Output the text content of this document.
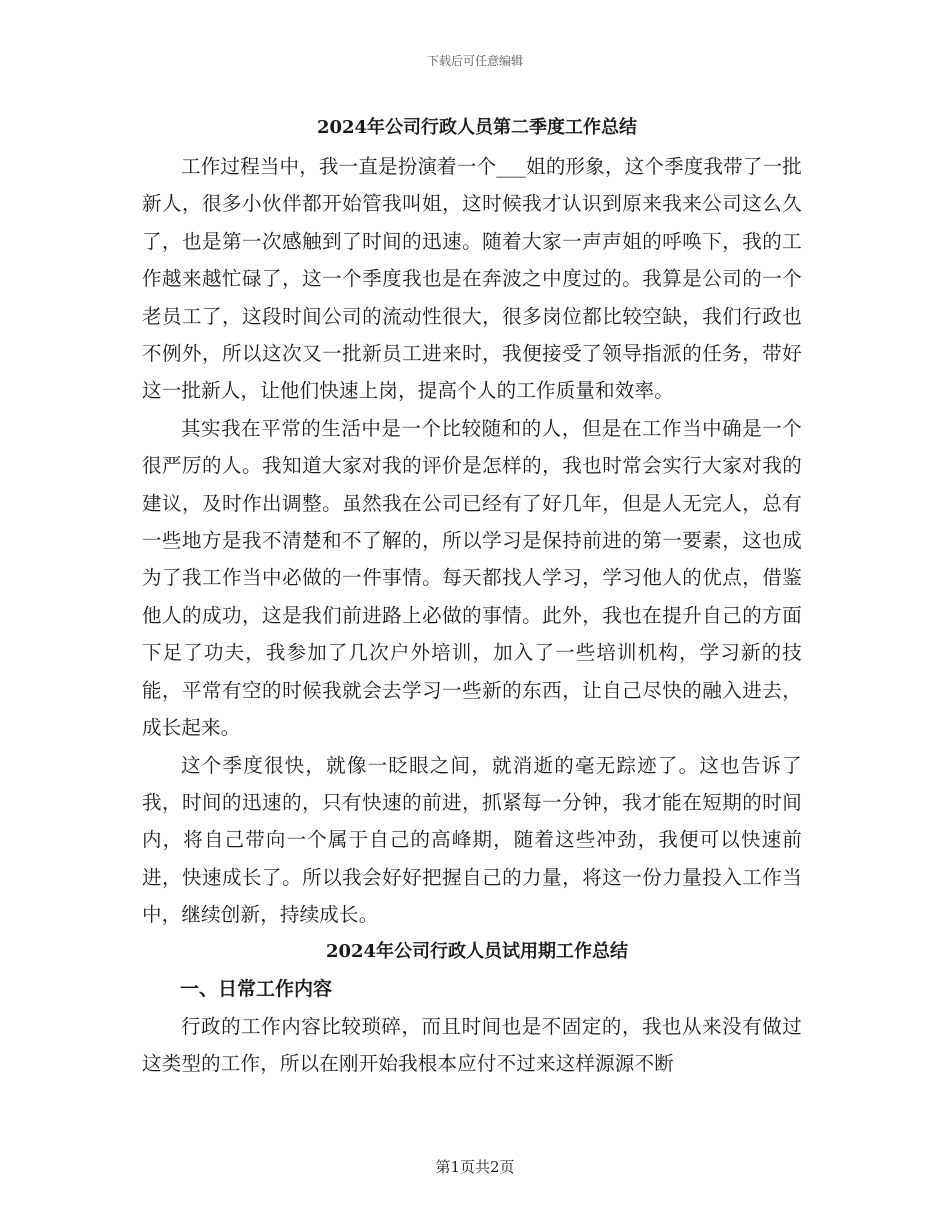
下载后可任意编辑
2024年公司行政人员第二季度工作总结

工作过程当中，我一直是扮演着一个___姐的形象，这个季度我带了一批新人，很多小伙伴都开始管我叫姐，这时候我才认识到原来我来公司这么久了，也是第一次感触到了时间的迅速。随着大家一声声姐的呼唤下，我的工作越来越忙碌了，这一个季度我也是在奔波之中度过的。我算是公司的一个老员工了，这段时间公司的流动性很大，很多岗位都比较空缺，我们行政也不例外，所以这次又一批新员工进来时，我便接受了领导指派的任务，带好这一批新人，让他们快速上岗，提高个人的工作质量和效率。

其实我在平常的生活中是一个比较随和的人，但是在工作当中确是一个很严厉的人。我知道大家对我的评价是怎样的，我也时常会实行大家对我的建议，及时作出调整。虽然我在公司已经有了好几年，但是人无完人，总有一些地方是我不清楚和不了解的，所以学习是保持前进的第一要素，这也成为了我工作当中必做的一件事情。每天都找人学习，学习他人的优点，借鉴他人的成功，这是我们前进路上必做的事情。此外，我也在提升自己的方面下足了功夫，我参加了几次户外培训，加入了一些培训机构，学习新的技能，平常有空的时候我就会去学习一些新的东西，让自己尽快的融入进去，成长起来。

这个季度很快，就像一眨眼之间，就消逝的毫无踪迹了。这也告诉了我，时间的迅速的，只有快速的前进，抓紧每一分钟，我才能在短期的时间内，将自己带向一个属于自己的高峰期，随着这些冲劲，我便可以快速前进，快速成长了。所以我会好好把握自己的力量，将这一份力量投入工作当中，继续创新，持续成长。

2024年公司行政人员试用期工作总结
一、日常工作内容

行政的工作内容比较琐碎，而且时间也是不固定的，我也从来没有做过这类型的工作，所以在刚开始我根本应付不过来这样源源不断

第1页共2页
